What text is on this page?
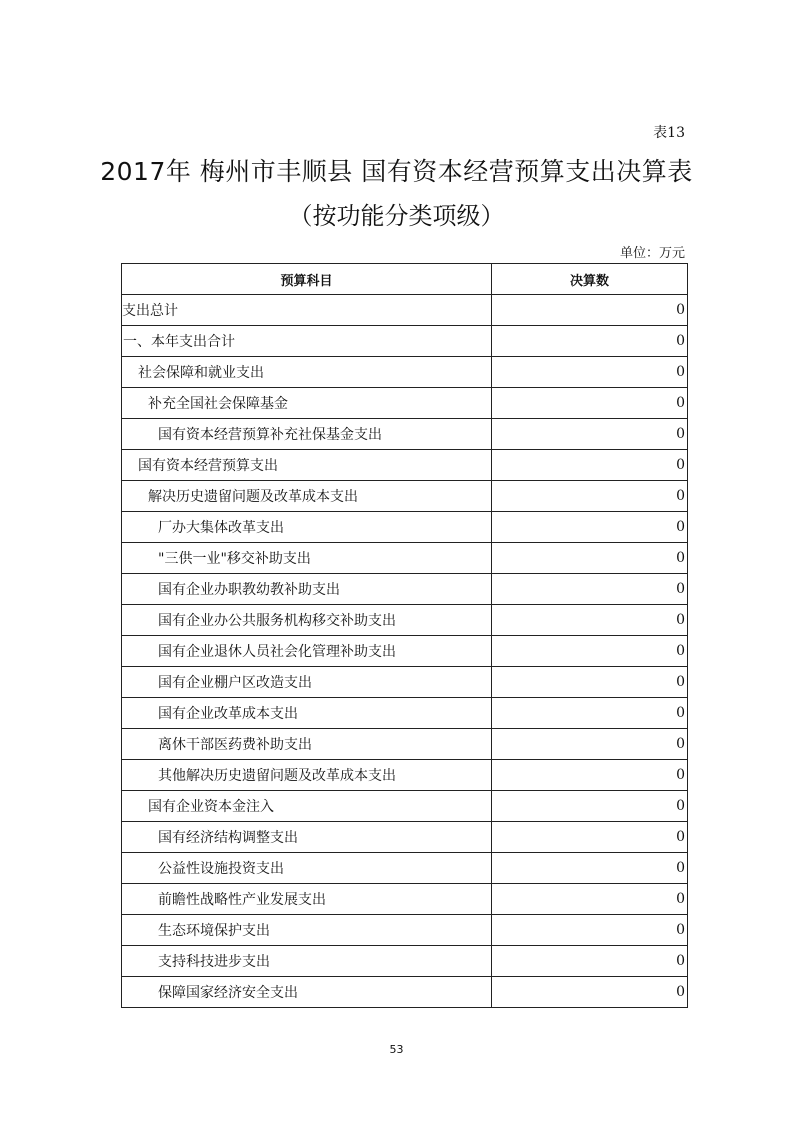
表13
2017年 梅州市丰顺县 国有资本经营预算支出决算表
（按功能分类项级）
单位：万元
预算科目	决算数
支出总计	0
一、本年支出合计	0
社会保障和就业支出	0
补充全国社会保障基金	0
国有资本经营预算补充社保基金支出	0
国有资本经营预算支出	0
解决历史遗留问题及改革成本支出	0
厂办大集体改革支出	0
"三供一业"移交补助支出	0
国有企业办职教幼教补助支出	0
国有企业办公共服务机构移交补助支出	0
国有企业退休人员社会化管理补助支出	0
国有企业棚户区改造支出	0
国有企业改革成本支出	0
离休干部医药费补助支出	0
其他解决历史遗留问题及改革成本支出	0
国有企业资本金注入	0
国有经济结构调整支出	0
公益性设施投资支出	0
前瞻性战略性产业发展支出	0
生态环境保护支出	0
支持科技进步支出	0
保障国家经济安全支出	0
53
